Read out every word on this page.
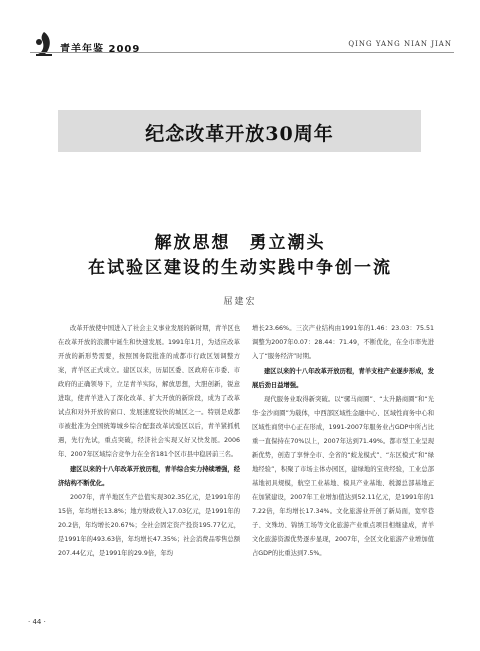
青羊年鉴 2009	QING YANG NIAN JIAN
纪念改革开放30周年
解放思想　勇立潮头
在试验区建设的生动实践中争创一流
屈建宏

改革开放使中国进入了社会主义事业发展的新时期，青羊区也在改革开放的浪潮中诞生和快速发展。1991年1月，为适应改革开放的新形势需要，按照国务院批准的成都市行政区划调整方案，青羊区正式成立。建区以来，历届区委、区政府在市委、市政府的正确领导下，立足青羊实际，解放思想，大胆创新，锐意进取，使青羊进入了深化改革、扩大开放的新阶段，成为了改革试点和对外开放的窗口、发展速度较快的城区之一。特别是成都市被批准为全国统筹城乡综合配套改革试验区以后，青羊紧抓机遇，先行先试，重点突破，经济社会实现又好又快发展。2006年、2007年区域综合竞争力在全省181个区市县中稳居前三名。

建区以来的十八年改革开放历程，青羊综合实力持续增强，经济结构不断优化。

2007年，青羊地区生产总值实现302.35亿元，是1991年的15倍，年均增长13.8%；地方财政收入17.03亿元，是1991年的20.2倍，年均增长20.67%；全社会固定资产投资195.77亿元，是1991年的493.63倍，年均增长47.35%；社会消费品零售总额207.44亿元，是1991年的29.9倍，年均

增长23.66%。三次产业结构由1991年的1.46：23.03：75.51调整为2007年0.07：28.44：71.49，不断优化，在全市率先进入了“服务经济”时期。

建区以来的十八年改革开放历程，青羊支柱产业逐步形成，发展后劲日益增强。

现代服务业取得新突破。以“骡马商圈”、“太升路商圈”和“光华·金沙商圈”为载体，中西部区域性金融中心、区域性商务中心和区域性商贸中心正在形成，1991-2007年服务业占GDP中所占比重一直保持在70%以上，2007年达到71.49%。都市型工业呈现新优势，创造了享誉全市、全省的“蛟龙模式”、“东区模式”和“绿地经验”，积聚了市场主体办园区，建绿地的宝贵经验，工业总部基地初具规模，航空工业基地、模具产业基地、税源总部基地正在加紧建设，2007年工业增加值达到52.11亿元，是1991年的17.22倍，年均增长17.34%。文化旅游业开创了新局面，宽窄巷子、文殊坊、锦绣工场等文化旅游产业重点项目相继建成，青羊文化旅游资源优势逐步显现，2007年，全区文化旅游产业增加值占GDP的比重达到7.5%。

· 44 ·
